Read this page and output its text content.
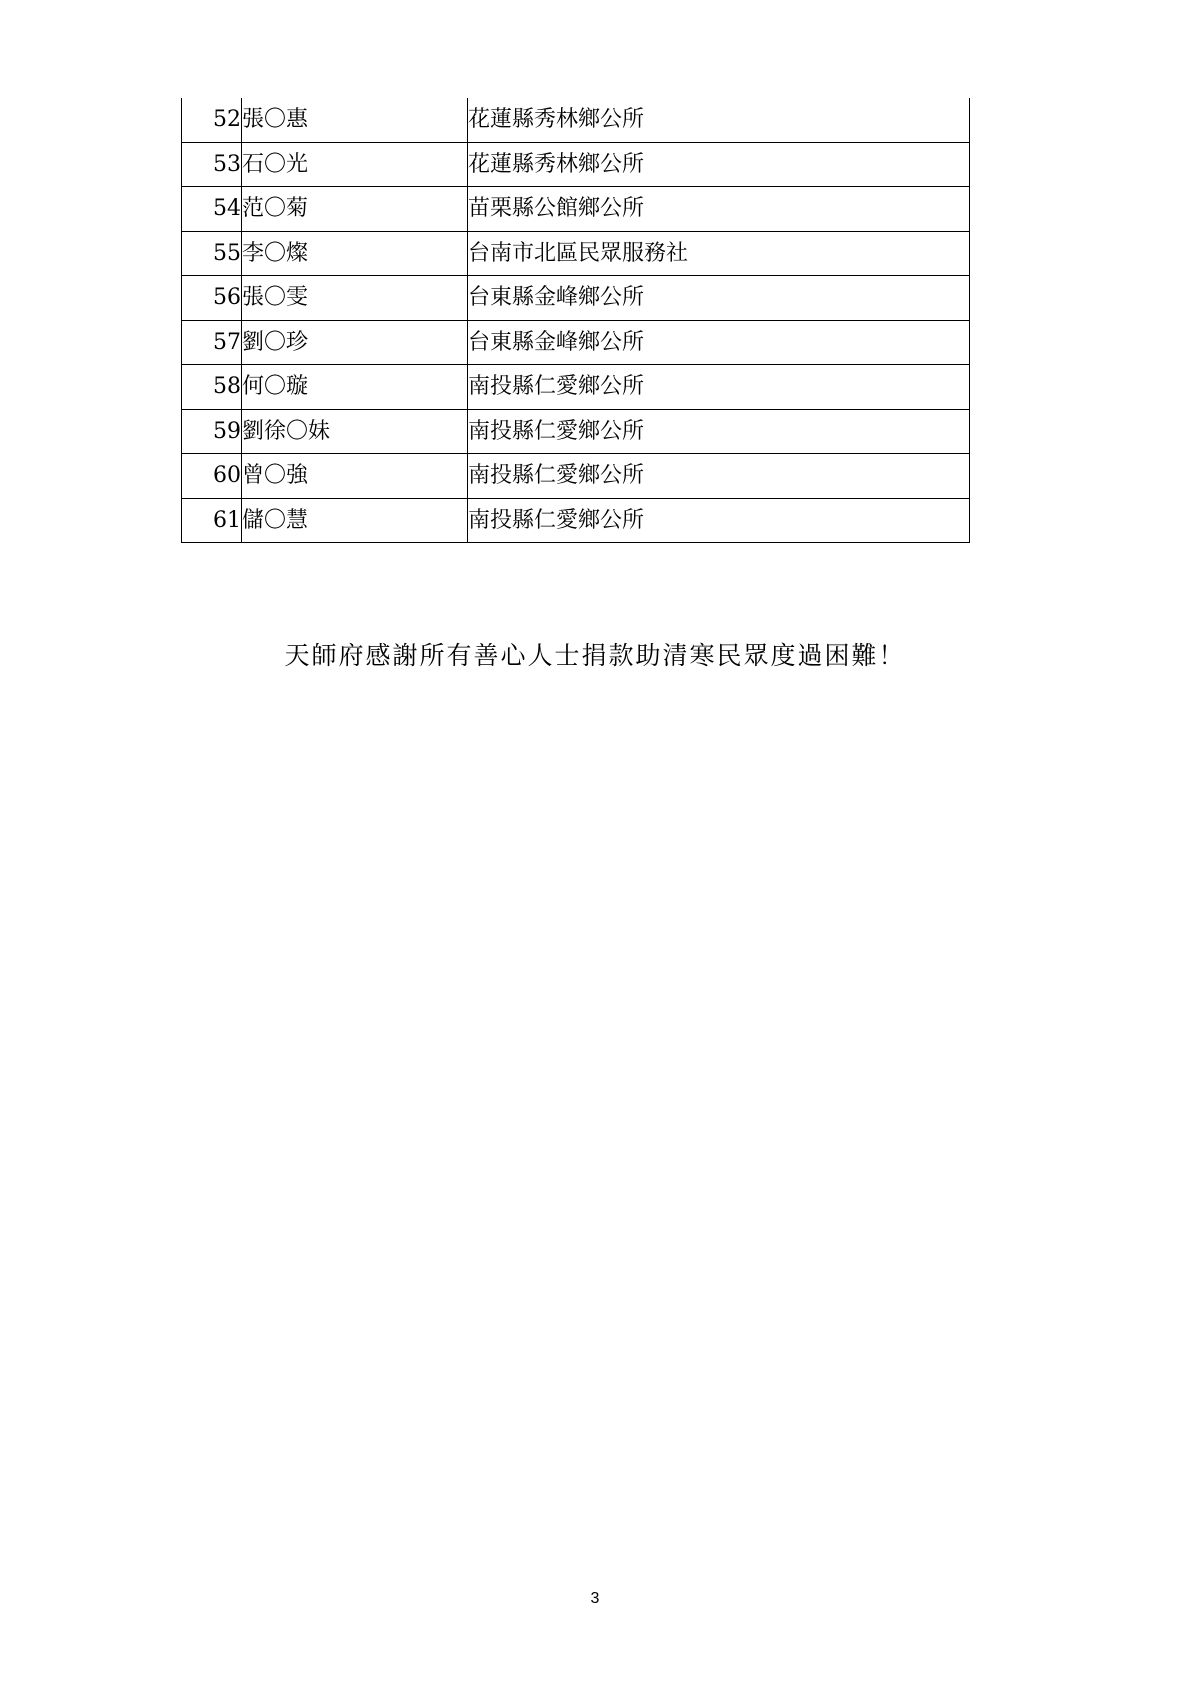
52	張〇惠	花蓮縣秀林鄉公所
53	石〇光	花蓮縣秀林鄉公所
54	范〇菊	苗栗縣公館鄉公所
55	李〇燦	台南市北區民眾服務社
56	張〇雯	台東縣金峰鄉公所
57	劉〇珍	台東縣金峰鄉公所
58	何〇璇	南投縣仁愛鄉公所
59	劉徐〇妹	南投縣仁愛鄉公所
60	曾〇強	南投縣仁愛鄉公所
61	儲〇慧	南投縣仁愛鄉公所
天師府感謝所有善心人士捐款助清寒民眾度過困難！
3
